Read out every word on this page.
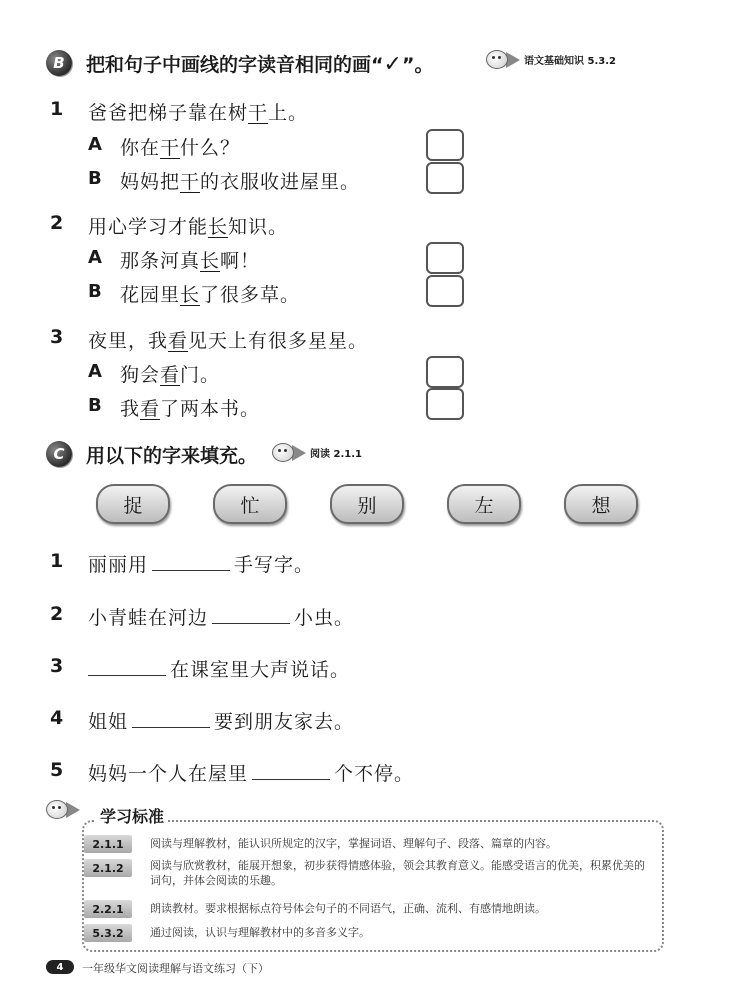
B	把和句子中画线的字读音相同的画“✓”。	语文基础知识 5.3.2
1 爸爸把梯子靠在树干上。
A 你在干什么？
B 妈妈把干的衣服收进屋里。
2 用心学习才能长知识。
A 那条河真长啊！
B 花园里长了很多草。
3 夜里，我看见天上有很多星星。
A 狗会看门。
B 我看了两本书。
C	用以下的字来填充。	阅读 2.1.1
捉	忙	别	左	想
1 丽丽用	手写字。
2 小青蛙在河边	小虫。
3	在课室里大声说话。
4 姐姐	要到朋友家去。
5 妈妈一个人在屋里	个不停。
学习标准
2.1.1	阅读与理解教材，能认识所规定的汉字，掌握词语、理解句子、段落、篇章的内容。
2.1.2	阅读与欣赏教材，能展开想象，初步获得情感体验，领会其教育意义。能感受语言的优美，积累优美的词句，并体会阅读的乐趣。
2.2.1	朗读教材。要求根据标点符号体会句子的不同语气，正确、流利、有感情地朗读。
5.3.2	通过阅读，认识与理解教材中的多音多义字。
4	一年级华文阅读理解与语文练习（下）
